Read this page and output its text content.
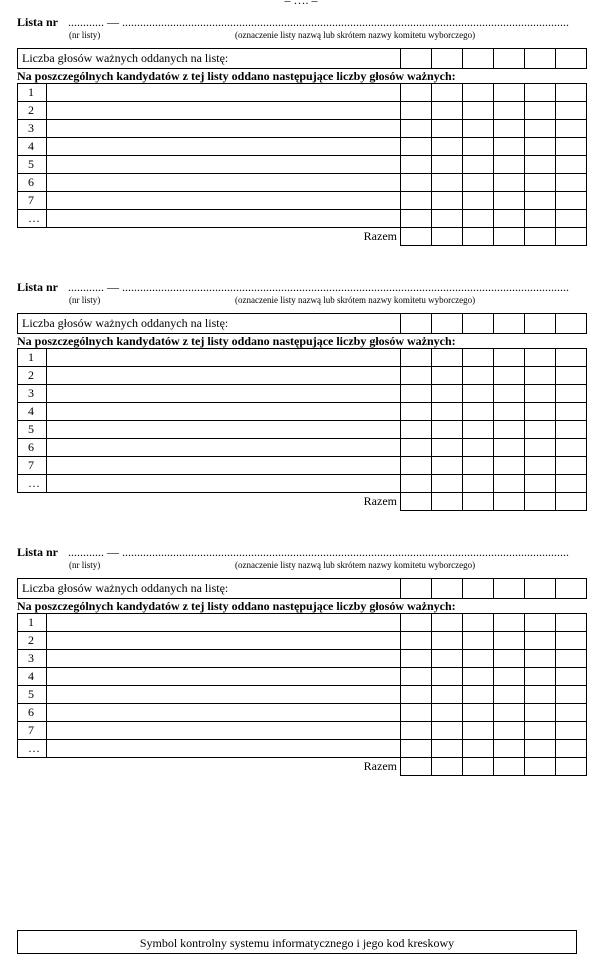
– …. –
Lista nr ............ — .....................................................................................................................................................
(nr listy)	(oznaczenie listy nazwą lub skrótem nazwy komitetu wyborczego)
Liczba głosów ważnych oddanych na listę:						
Na poszczególnych kandydatów z tej listy oddano następujące liczby głosów ważnych:
1							
2							
3							
4							
5							
6							
7							
…							
	Razem						
Lista nr ............ — .....................................................................................................................................................
(nr listy)	(oznaczenie listy nazwą lub skrótem nazwy komitetu wyborczego)
Liczba głosów ważnych oddanych na listę:						
Na poszczególnych kandydatów z tej listy oddano następujące liczby głosów ważnych:
1							
2							
3							
4							
5							
6							
7							
…							
	Razem						
Lista nr ............ — .....................................................................................................................................................
(nr listy)	(oznaczenie listy nazwą lub skrótem nazwy komitetu wyborczego)
Liczba głosów ważnych oddanych na listę:						
Na poszczególnych kandydatów z tej listy oddano następujące liczby głosów ważnych:
1							
2							
3							
4							
5							
6							
7							
…							
	Razem						
Symbol kontrolny systemu informatycznego i jego kod kreskowy
